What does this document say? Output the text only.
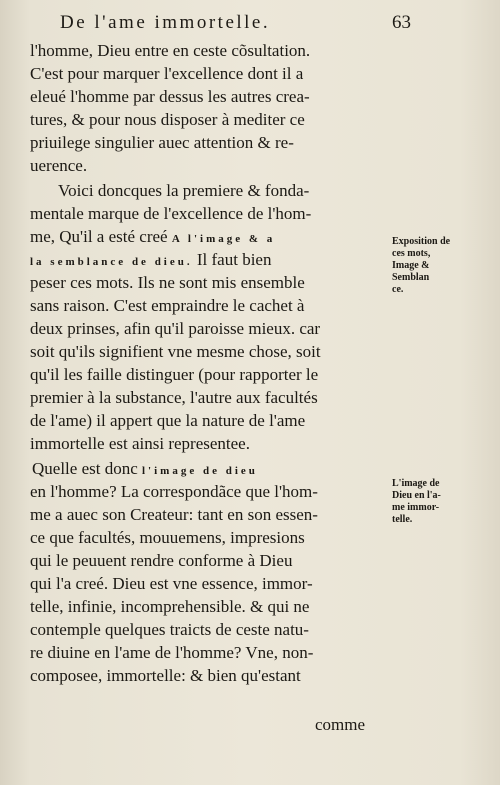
De l'ame immortelle.	63
l'homme, Dieu entre en ceste cõsultation.
C'est pour marquer l'excellence dont il a
eleué l'homme par dessus les autres crea-
tures, & pour nous disposer à mediter ce
priuilege singulier auec attention & re-
uerence.
Voici doncques la premiere & fonda-
mentale marque de l'excellence de l'hom-
me, Qu'il a esté creé A l'image & a
la semblance de dieu. Il faut bien
peser ces mots. Ils ne sont mis ensemble
sans raison. C'est empraindre le cachet à
deux prinses, afin qu'il paroisse mieux. car
soit qu'ils signifient vne mesme chose, soit
qu'il les faille distinguer (pour rapporter le
premier à la substance, l'autre aux facultés
de l'ame) il appert que la nature de l'ame
immortelle est ainsi representee.
Quelle est donc l'image de dieu
en l'homme? La correspondãce que l'hom-
me a auec son Createur: tant en son essen-
ce que facultés, mouuemens, impresions
qui le peuuent rendre conforme à Dieu
qui l'a creé. Dieu est vne essence, immor-
telle, infinie, incomprehensible. & qui ne
contemple quelques traicts de ceste natu-
re diuine en l'ame de l'homme? Vne, non-
composee, immortelle: & bien qu'estant
Exposition de
ces mots,
Image &
Semblan
ce.
L'image de
Dieu en l'a-
me immor-
telle.
comme
